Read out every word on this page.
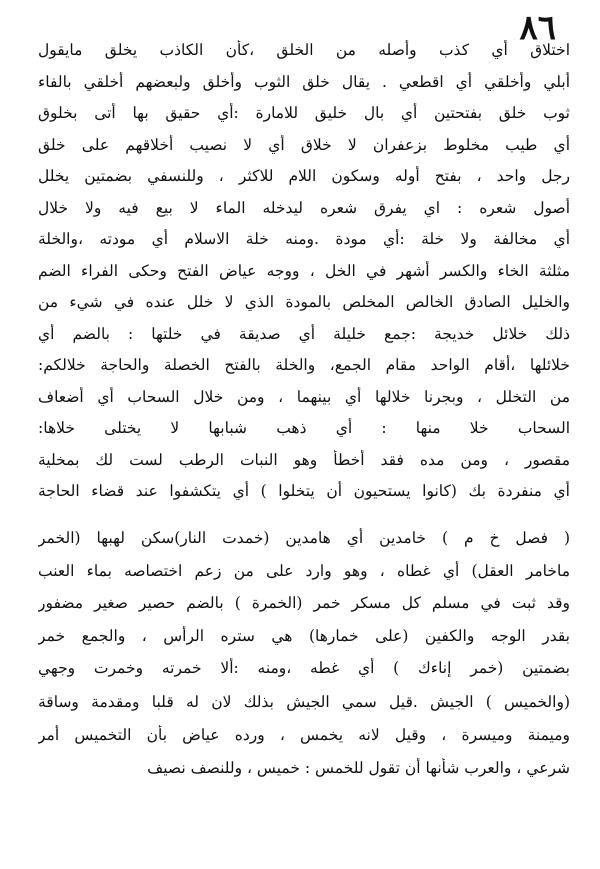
٨٦
اختلاق أي كذب وأصله من الخلق ،كأن الكاذب يخلق مايقول
أبلي وأخلقي أي اقطعي . يقال خلق الثوب وأخلق ولبعضهم أخلقي بالفاء
ثوب خلق بفتحتين أي بال خليق للامارة :أي حقيق بها أتى بخلوق
أي طيب مخلوط بزعفران لا خلاق أي لا نصيب أخلاقهم على خلق
رجل واحد ، بفتح أوله وسكون اللام للاكثر ، وللنسفي بضمتين يخلل
أصول شعره : اي يفرق شعره ليدخله الماء لا بيع فيه ولا خلال
أي مخالفة ولا خلة :أي مودة .ومنه خلة الاسلام أي مودته ،والخلة
مثلثة الخاء والكسر أشهر في الخل ، ووجه عياض الفتح وحكى الفراء الضم
والخليل الصادق الخالص المخلص بالمودة الذي لا خلل عنده في شيء من
ذلك خلائل خديجة :جمع خليلة أي صديقة في خلتها : بالضم أي
خلائلها ،أقام الواحد مقام الجمع، والخلة بالفتح الخصلة والحاجة خلالكم:
من التخلل ، وبجرنا خلالها أي بينهما ، ومن خلال السحاب أي أضعاف
السحاب خلا منها : أي ذهب شبابها لا يختلى خلاها:
مقصور ، ومن مده فقد أخطأ وهو النبات الرطب لست لك بمخلية
أي منفردة بك (كانوا يستحيون أن يتخلوا ) أي يتكشفوا عند قضاء الحاجة
( فصل خ م ) خامدين أي هامدين (خمدت النار)سكن لهبها (الخمر
ماخامر العقل) أي غطاه ، وهو وارد على من زعم اختصاصه بماء العنب
وقد ثبت في مسلم كل مسكر خمر (الخمرة ) بالضم حصير صغير مضفور
بقدر الوجه والكفين (على خمارها) هي ستره الرأس ، والجمع خمر
بضمتين (خمر إناءك ) أي غطه ،ومنه :ألا خمرته وخمرت وجهي
(والخميس ) الجيش .قيل سمي الجيش بذلك لان له قلبا ومقدمة وساقة
وميمنة وميسرة ، وقيل لانه يخمس ، ورده عياض بأن التخميس أمر
شرعي ، والعرب شأنها أن تقول للخمس : خميس ، وللنصف نصيف
